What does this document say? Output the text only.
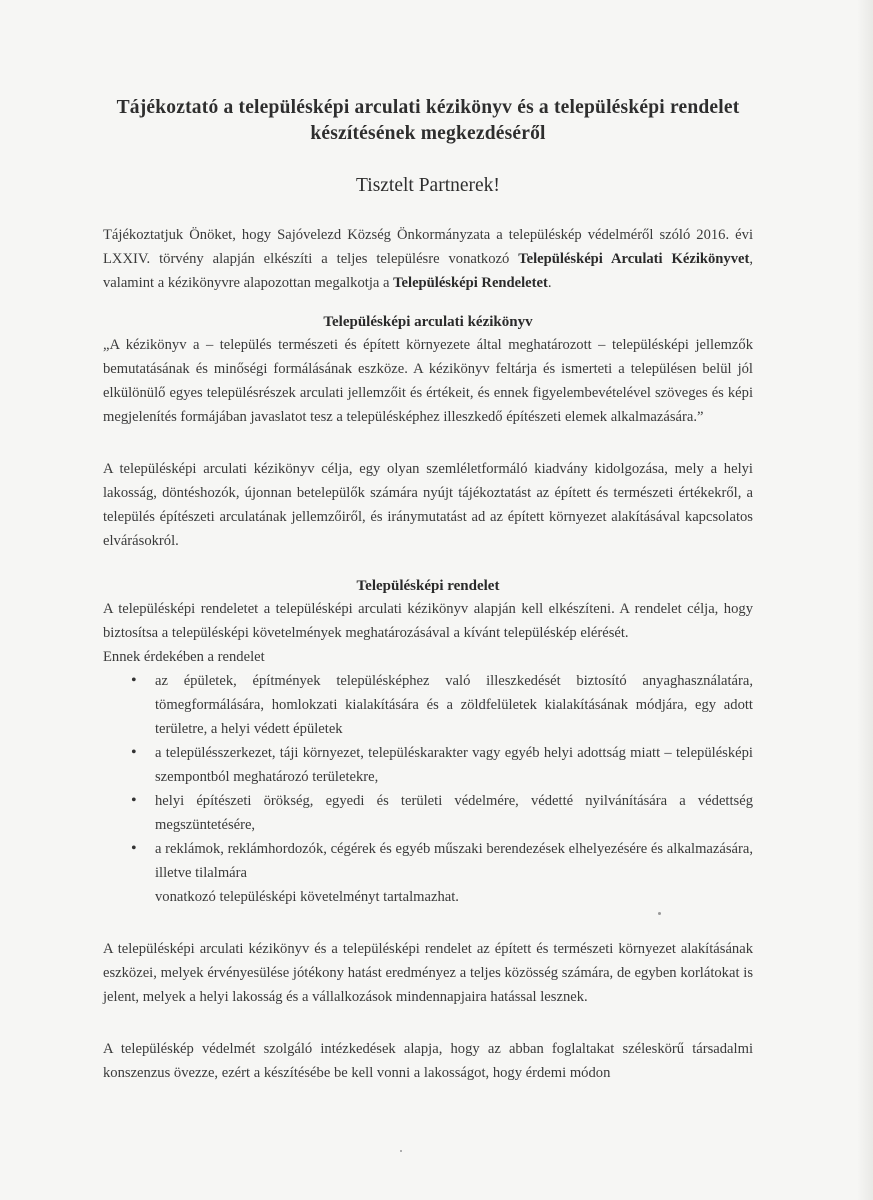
Tájékoztató a településképi arculati kézikönyv és a településképi rendelet
készítésének megkezdéséről
Tisztelt Partnerek!

Tájékoztatjuk Önöket, hogy Sajóvelezd Község Önkormányzata a településkép védelméről szóló 2016. évi LXXIV. törvény alapján elkészíti a teljes településre vonatkozó Településképi Arculati Kézikönyvet, valamint a kézikönyvre alapozottan megalkotja a Településképi Rendeletet.

Településképi arculati kézikönyv

„A kézikönyv a – település természeti és épített környezete által meghatározott – településképi jellemzők bemutatásának és minőségi formálásának eszköze. A kézikönyv feltárja és ismerteti a településen belül jól elkülönülő egyes településrészek arculati jellemzőit és értékeit, és ennek figyelembevételével szöveges és képi megjelenítés formájában javaslatot tesz a településképhez illeszkedő építészeti elemek alkalmazására.”

A településképi arculati kézikönyv célja, egy olyan szemléletformáló kiadvány kidolgozása, mely a helyi lakosság, döntéshozók, újonnan betelepülők számára nyújt tájékoztatást az épített és természeti értékekről, a település építészeti arculatának jellemzőiről, és iránymutatást ad az épített környezet alakításával kapcsolatos elvárásokról.

Településképi rendelet

A településképi rendeletet a településképi arculati kézikönyv alapján kell elkészíteni. A rendelet célja, hogy biztosítsa a településképi követelmények meghatározásával a kívánt településkép elérését.

Ennek érdekében a rendelet

• az épületek, építmények településképhez való illeszkedését biztosító anyaghasználatára, tömegformálására, homlokzati kialakítására és a zöldfelületek kialakításának módjára, egy adott területre, a helyi védett épületek
• a településszerkezet, táji környezet, településkarakter vagy egyéb helyi adottság miatt – településképi szempontból meghatározó területekre,
• helyi építészeti örökség, egyedi és területi védelmére, védetté nyilvánítására a védettség megszüntetésére,
• a reklámok, reklámhordozók, cégérek és egyéb műszaki berendezések elhelyezésére és alkalmazására, illetve tilalmára
vonatkozó településképi követelményt tartalmazhat.

A településképi arculati kézikönyv és a településképi rendelet az épített és természeti környezet alakításának eszközei, melyek érvényesülése jótékony hatást eredményez a teljes közösség számára, de egyben korlátokat is jelent, melyek a helyi lakosság és a vállalkozások mindennapjaira hatással lesznek.

A településkép védelmét szolgáló intézkedések alapja, hogy az abban foglaltakat széleskörű társadalmi konszenzus övezze, ezért a készítésébe be kell vonni a lakosságot, hogy érdemi módon
